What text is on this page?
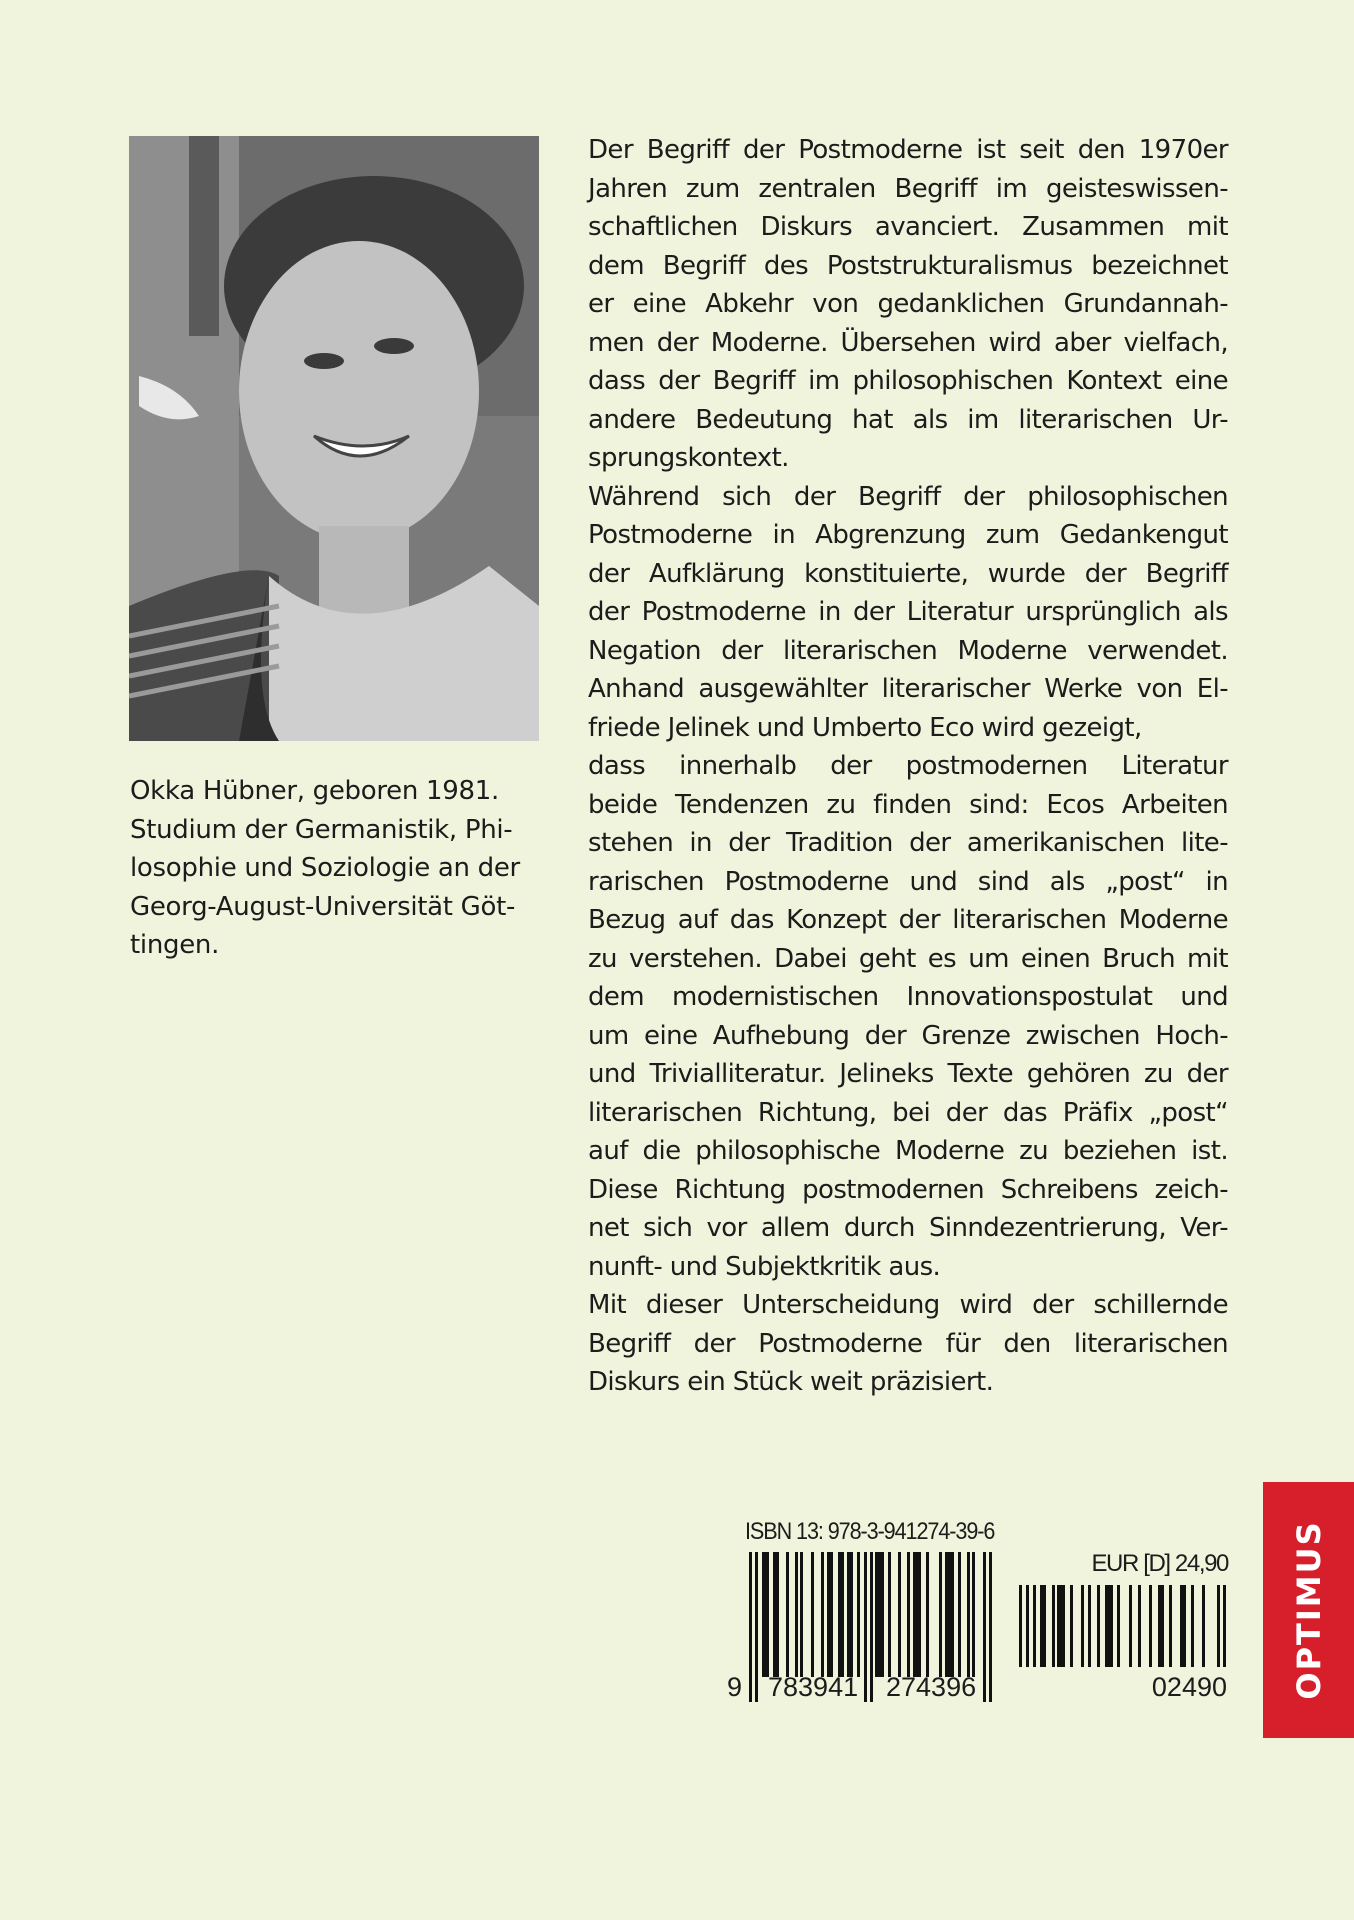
Okka Hübner, geboren 1981.
Studium der Germanistik, Phi-
losophie und Soziologie an der
Georg-August-Universität Göt-
tingen.
Der Begriff der Postmoderne ist seit den 1970er
Jahren zum zentralen Begriff im geisteswissen-
schaftlichen Diskurs avanciert. Zusammen mit
dem Begriff des Poststrukturalismus bezeichnet
er eine Abkehr von gedanklichen Grundannah-
men der Moderne. Übersehen wird aber vielfach,
dass der Begriff im philosophischen Kontext eine
andere Bedeutung hat als im literarischen Ur-
sprungskontext.
Während sich der Begriff der philosophischen
Postmoderne in Abgrenzung zum Gedankengut
der Aufklärung konstituierte, wurde der Begriff
der Postmoderne in der Literatur ursprünglich als
Negation der literarischen Moderne verwendet.
Anhand ausgewählter literarischer Werke von El-
friede Jelinek und Umberto Eco wird gezeigt,
dass innerhalb der postmodernen Literatur
beide Tendenzen zu finden sind: Ecos Arbeiten
stehen in der Tradition der amerikanischen lite-
rarischen Postmoderne und sind als „post“ in
Bezug auf das Konzept der literarischen Moderne
zu verstehen. Dabei geht es um einen Bruch mit
dem modernistischen Innovationspostulat und
um eine Aufhebung der Grenze zwischen Hoch-
und Trivialliteratur. Jelineks Texte gehören zu der
literarischen Richtung, bei der das Präfix „post“
auf die philosophische Moderne zu beziehen ist.
Diese Richtung postmodernen Schreibens zeich-
net sich vor allem durch Sinndezentrierung, Ver-
nunft- und Subjektkritik aus.
Mit dieser Unterscheidung wird der schillernde
Begriff der Postmoderne für den literarischen
Diskurs ein Stück weit präzisiert.
ISBN 13: 978-3-941274-39-6
9 783941 274396
EUR [D] 24,90
02490 OPTIMUS
